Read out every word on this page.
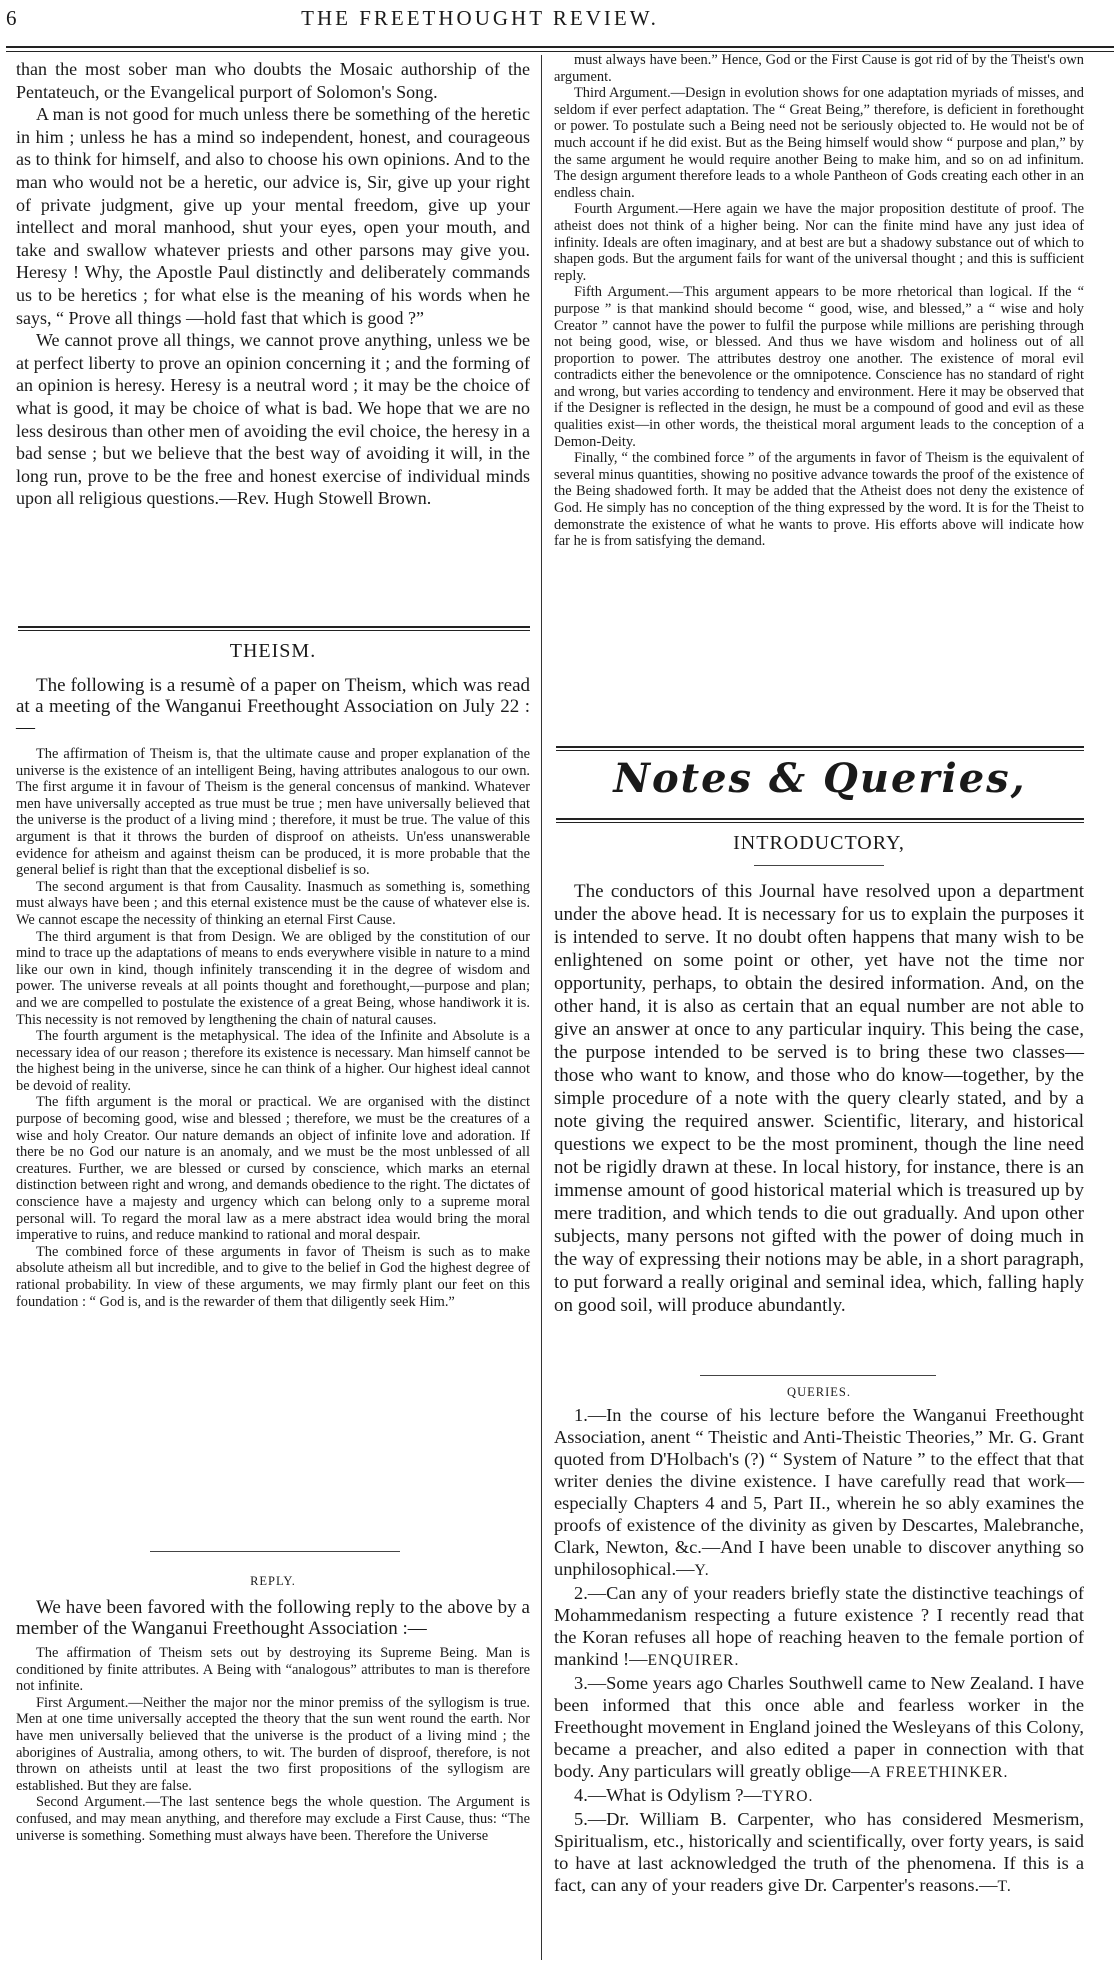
6	THE FREETHOUGHT REVIEW.

than the most sober man who doubts the Mosaic authorship of the Pentateuch, or the Evangelical purport of Solomon's Song.

A man is not good for much unless there be something of the heretic in him ; unless he has a mind so independent, honest, and courageous as to think for himself, and also to choose his own opinions. And to the man who would not be a heretic, our advice is, Sir, give up your right of private judgment, give up your mental freedom, give up your intellect and moral manhood, shut your eyes, open your mouth, and take and swallow whatever priests and other parsons may give you. Heresy ! Why, the Apostle Paul distinctly and deliberately commands us to be heretics ; for what else is the meaning of his words when he says, “ Prove all things —hold fast that which is good ?”

We cannot prove all things, we cannot prove anything, unless we be at perfect liberty to prove an opinion concerning it ; and the forming of an opinion is heresy. Heresy is a neutral word ; it may be the choice of what is good, it may be choice of what is bad. We hope that we are no less desirous than other men of avoiding the evil choice, the heresy in a bad sense ; but we believe that the best way of avoiding it will, in the long run, prove to be the free and honest exercise of individual minds upon all religious questions.—Rev. Hugh Stowell Brown.

THEISM.

The following is a resumè of a paper on Theism, which was read at a meeting of the Wanganui Freethought Association on July 22 :—

The affirmation of Theism is, that the ultimate cause and proper explanation of the universe is the existence of an intelligent Being, having attributes analogous to our own. The first argume it in favour of Theism is the general concensus of mankind. Whatever men have universally accepted as true must be true ; men have universally believed that the universe is the product of a living mind ; therefore, it must be true. The value of this argument is that it throws the burden of disproof on atheists. Un'ess unanswerable evidence for atheism and against theism can be produced, it is more probable that the general belief is right than that the exceptional disbelief is so.

The second argument is that from Causality. Inasmuch as something is, something must always have been ; and this eternal existence must be the cause of whatever else is. We cannot escape the necessity of thinking an eternal First Cause.

The third argument is that from Design. We are obliged by the constitution of our mind to trace up the adaptations of means to ends everywhere visible in nature to a mind like our own in kind, though infinitely transcending it in the degree of wisdom and power. The universe reveals at all points thought and forethought,—purpose and plan; and we are compelled to postulate the existence of a great Being, whose handiwork it is. This necessity is not removed by lengthening the chain of natural causes.

The fourth argument is the metaphysical. The idea of the Infinite and Absolute is a necessary idea of our reason ; therefore its existence is necessary. Man himself cannot be the highest being in the universe, since he can think of a higher. Our highest ideal cannot be devoid of reality.

The fifth argument is the moral or practical. We are organised with the distinct purpose of becoming good, wise and blessed ; therefore, we must be the creatures of a wise and holy Creator. Our nature demands an object of infinite love and adoration. If there be no God our nature is an anomaly, and we must be the most unblessed of all creatures. Further, we are blessed or cursed by conscience, which marks an eternal distinction between right and wrong, and demands obedience to the right. The dictates of conscience have a majesty and urgency which can belong only to a supreme moral personal will. To regard the moral law as a mere abstract idea would bring the moral imperative to ruins, and reduce mankind to rational and moral despair.

The combined force of these arguments in favor of Theism is such as to make absolute atheism all but incredible, and to give to the belief in God the highest degree of rational probability. In view of these arguments, we may firmly plant our feet on this foundation : “ God is, and is the rewarder of them that diligently seek Him.”

REPLY.

We have been favored with the following reply to the above by a member of the Wanganui Freethought Association :—

The affirmation of Theism sets out by destroying its Supreme Being. Man is conditioned by finite attributes. A Being with “analogous” attributes to man is therefore not infinite.

First Argument.—Neither the major nor the minor premiss of the syllogism is true. Men at one time universally accepted the theory that the sun went round the earth. Nor have men universally believed that the universe is the product of a living mind ; the aborigines of Australia, among others, to wit. The burden of disproof, therefore, is not thrown on atheists until at least the two first propositions of the syllogism are established. But they are false.

Second Argument.—The last sentence begs the whole question. The Argument is confused, and may mean anything, and therefore may exclude a First Cause, thus: “The universe is something. Something must always have been. Therefore the Universe

must always have been.” Hence, God or the First Cause is got rid of by the Theist's own argument.

Third Argument.—Design in evolution shows for one adaptation myriads of misses, and seldom if ever perfect adaptation. The “ Great Being,” therefore, is deficient in forethought or power. To postulate such a Being need not be seriously objected to. He would not be of much account if he did exist. But as the Being himself would show “ purpose and plan,” by the same argument he would require another Being to make him, and so on ad infinitum. The design argument therefore leads to a whole Pantheon of Gods creating each other in an endless chain.

Fourth Argument.—Here again we have the major proposition destitute of proof. The atheist does not think of a higher being. Nor can the finite mind have any just idea of infinity. Ideals are often imaginary, and at best are but a shadowy substance out of which to shapen gods. But the argument fails for want of the universal thought ; and this is sufficient reply.

Fifth Argument.—This argument appears to be more rhetorical than logical. If the “ purpose ” is that mankind should become “ good, wise, and blessed,” a “ wise and holy Creator ” cannot have the power to fulfil the purpose while millions are perishing through not being good, wise, or blessed. And thus we have wisdom and holiness out of all proportion to power. The attributes destroy one another. The existence of moral evil contradicts either the benevolence or the omnipotence. Conscience has no standard of right and wrong, but varies according to tendency and environment. Here it may be observed that if the Designer is reflected in the design, he must be a compound of good and evil as these qualities exist—in other words, the theistical moral argument leads to the conception of a Demon-Deity.

Finally, “ the combined force ” of the arguments in favor of Theism is the equivalent of several minus quantities, showing no positive advance towards the proof of the existence of the Being shadowed forth. It may be added that the Atheist does not deny the existence of God. He simply has no conception of the thing expressed by the word. It is for the Theist to demonstrate the existence of what he wants to prove. His efforts above will indicate how far he is from satisfying the demand.

Notes & Queries,

INTRODUCTORY,

The conductors of this Journal have resolved upon a department under the above head. It is necessary for us to explain the purposes it is intended to serve. It no doubt often happens that many wish to be enlightened on some point or other, yet have not the time nor opportunity, perhaps, to obtain the desired information. And, on the other hand, it is also as certain that an equal number are not able to give an answer at once to any particular inquiry. This being the case, the purpose intended to be served is to bring these two classes—those who want to know, and those who do know—together, by the simple procedure of a note with the query clearly stated, and by a note giving the required answer. Scientific, literary, and historical questions we expect to be the most prominent, though the line need not be rigidly drawn at these. In local history, for instance, there is an immense amount of good historical material which is treasured up by mere tradition, and which tends to die out gradually. And upon other subjects, many persons not gifted with the power of doing much in the way of expressing their notions may be able, in a short paragraph, to put forward a really original and seminal idea, which, falling haply on good soil, will produce abundantly.

QUERIES.

1.—In the course of his lecture before the Wanganui Freethought Association, anent “ Theistic and Anti-Theistic Theories,” Mr. G. Grant quoted from D'Holbach's (?) “ System of Nature ” to the effect that that writer denies the divine existence. I have carefully read that work—especially Chapters 4 and 5, Part II., wherein he so ably examines the proofs of existence of the divinity as given by Descartes, Malebranche, Clark, Newton, &c.—And I have been unable to discover anything so unphilosophical.—Y.

2.—Can any of your readers briefly state the distinctive teachings of Mohammedanism respecting a future existence ? I recently read that the Koran refuses all hope of reaching heaven to the female portion of mankind !—ENQUIRER.

3.—Some years ago Charles Southwell came to New Zealand. I have been informed that this once able and fearless worker in the Freethought movement in England joined the Wesleyans of this Colony, became a preacher, and also edited a paper in connection with that body. Any particulars will greatly oblige—A FREETHINKER.

4.—What is Odylism ?—TYRO.

5.—Dr. William B. Carpenter, who has considered Mesmerism, Spiritualism, etc., historically and scientifically, over forty years, is said to have at last acknowledged the truth of the phenomena. If this is a fact, can any of your readers give Dr. Carpenter's reasons.—T.
